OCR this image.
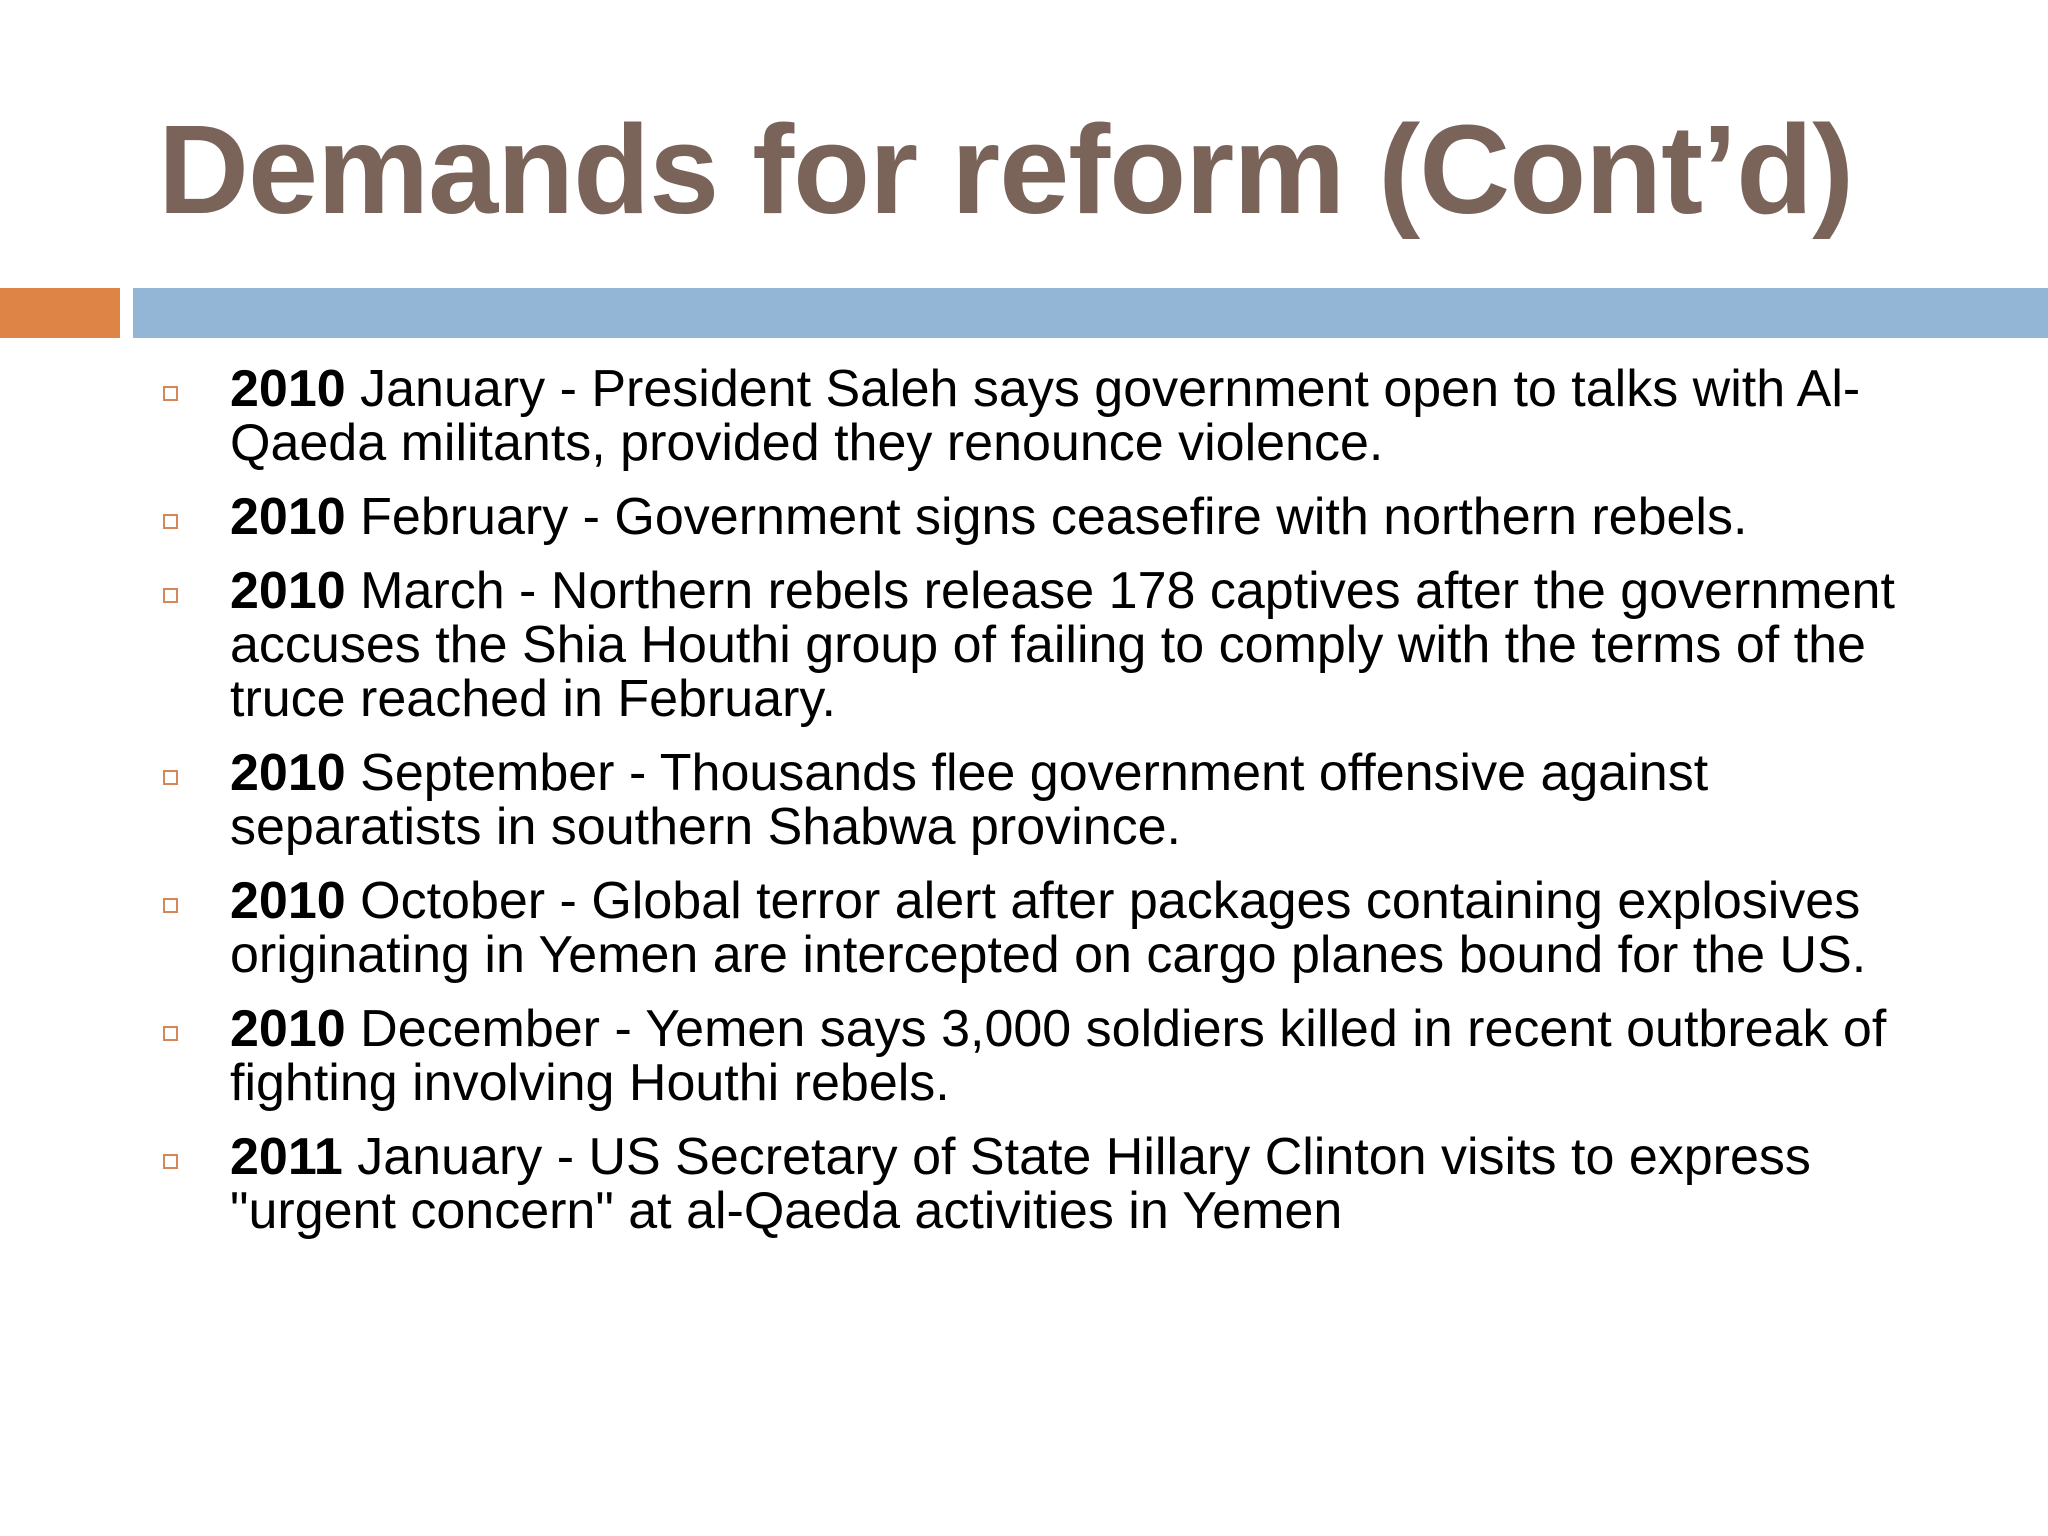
Demands for reform (Cont’d)
2010 January - President Saleh says government open to talks with Al-Qaeda militants, provided they renounce violence.
2010 February - Government signs ceasefire with northern rebels.
2010 March - Northern rebels release 178 captives after the government accuses the Shia Houthi group of failing to comply with the terms of the truce reached in February.
2010 September - Thousands flee government offensive against separatists in southern Shabwa province.
2010 October - Global terror alert after packages containing explosives originating in Yemen are intercepted on cargo planes bound for the US.
2010 December - Yemen says 3,000 soldiers killed in recent outbreak of fighting involving Houthi rebels.
2011 January - US Secretary of State Hillary Clinton visits to express "urgent concern" at al-Qaeda activities in Yemen
